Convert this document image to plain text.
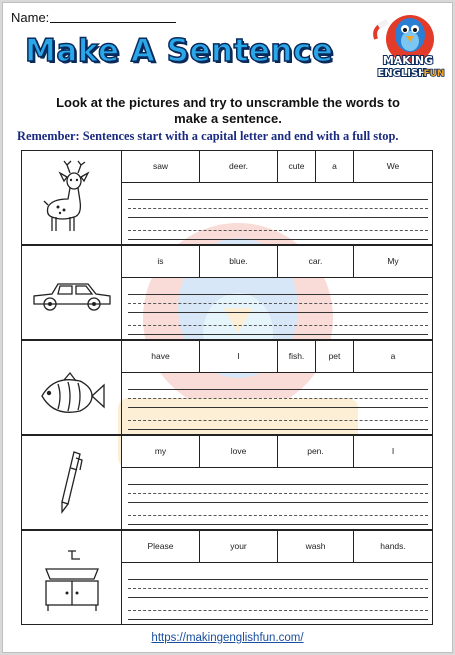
Name:
Make A Sentence	MAKING
ENGLISH
FUN
Look at the pictures and try to unscramble the words to
make a sentence.
Remember: Sentences start with a capital letter and end with a full stop.
saw	deer.	cute	a	We
is	blue.	car.	My
have	I	fish.	pet	a
my	love	pen.	I
Please	your	wash	hands.
https://makingenglishfun.com/
